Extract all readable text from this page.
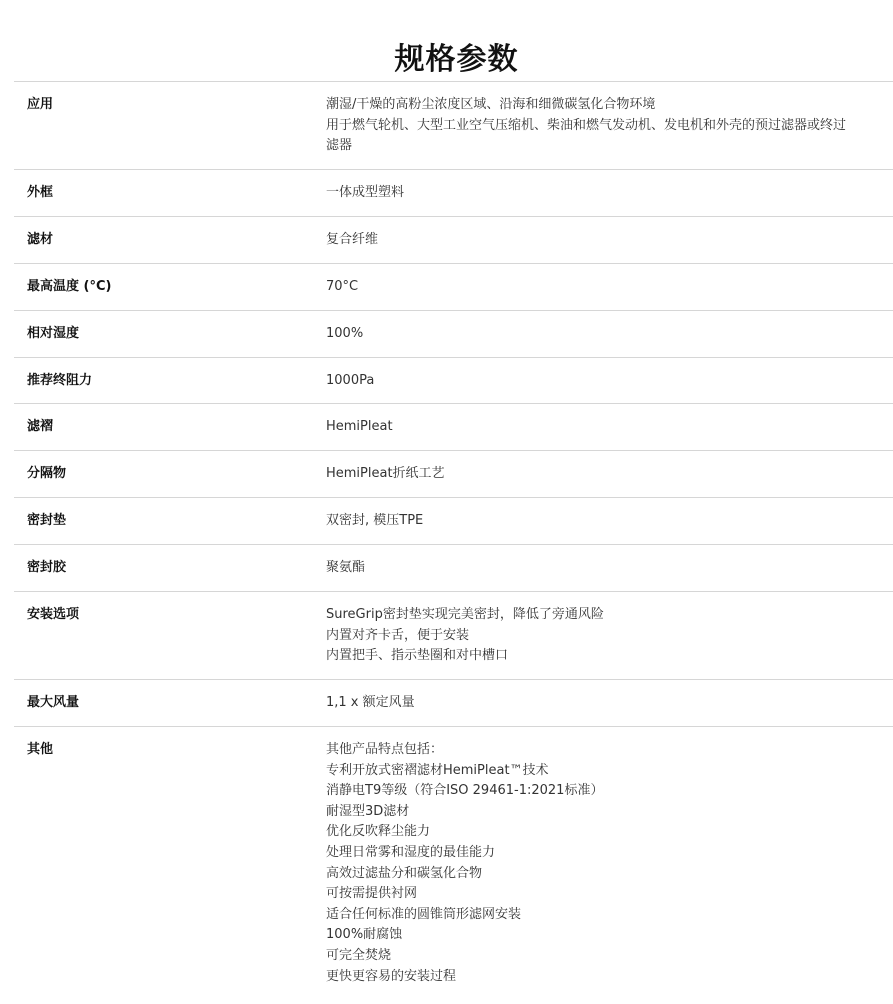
规格参数
应用	潮湿/干燥的高粉尘浓度区域、沿海和细微碳氢化合物环境
用于燃气轮机、大型工业空气压缩机、柴油和燃气发动机、发电机和外壳的预过滤器或终过
滤器
外框	一体成型塑料
滤材	复合纤维
最高温度 (°C)	70°C
相对湿度	100%
推荐终阻力	1000Pa
滤褶	HemiPleat
分隔物	HemiPleat折纸工艺
密封垫	双密封, 模压TPE
密封胶	聚氨酯
安装选项	SureGrip密封垫实现完美密封，降低了旁通风险
内置对齐卡舌，便于安装
内置把手、指示垫圈和对中槽口
最大风量	1,1 x 额定风量
其他	其他产品特点包括：
专利开放式密褶滤材HemiPleat™技术
消静电T9等级（符合ISO 29461-1:2021标准）
耐湿型3D滤材
优化反吹释尘能力
处理日常雾和湿度的最佳能力
高效过滤盐分和碳氢化合物
可按需提供衬网
适合任何标准的圆锥筒形滤网安装
100%耐腐蚀
可完全焚烧
更快更容易的安装过程
